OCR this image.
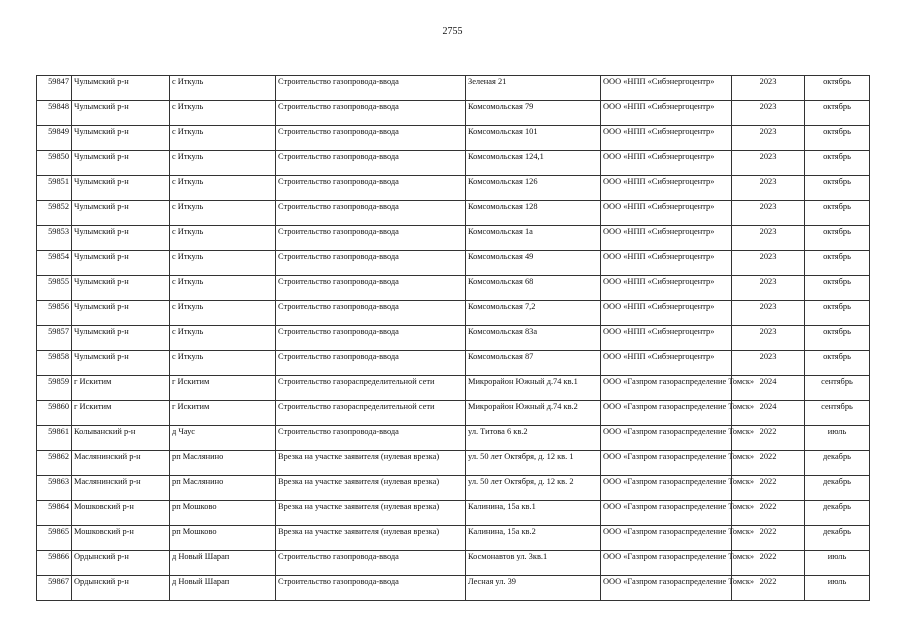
2755
59847	Чулымский р-н	с Иткуль	Строительство газопровода-ввода	Зеленая 21	ООО «НПП «Сибэнергоцентр»	2023	октябрь
59848	Чулымский р-н	с Иткуль	Строительство газопровода-ввода	Комсомольская 79	ООО «НПП «Сибэнергоцентр»	2023	октябрь
59849	Чулымский р-н	с Иткуль	Строительство газопровода-ввода	Комсомольская 101	ООО «НПП «Сибэнергоцентр»	2023	октябрь
59850	Чулымский р-н	с Иткуль	Строительство газопровода-ввода	Комсомольская 124,1	ООО «НПП «Сибэнергоцентр»	2023	октябрь
59851	Чулымский р-н	с Иткуль	Строительство газопровода-ввода	Комсомольская 126	ООО «НПП «Сибэнергоцентр»	2023	октябрь
59852	Чулымский р-н	с Иткуль	Строительство газопровода-ввода	Комсомольская 128	ООО «НПП «Сибэнергоцентр»	2023	октябрь
59853	Чулымский р-н	с Иткуль	Строительство газопровода-ввода	Комсомольская 1а	ООО «НПП «Сибэнергоцентр»	2023	октябрь
59854	Чулымский р-н	с Иткуль	Строительство газопровода-ввода	Комсомольская 49	ООО «НПП «Сибэнергоцентр»	2023	октябрь
59855	Чулымский р-н	с Иткуль	Строительство газопровода-ввода	Комсомольская 68	ООО «НПП «Сибэнергоцентр»	2023	октябрь
59856	Чулымский р-н	с Иткуль	Строительство газопровода-ввода	Комсомольская 7,2	ООО «НПП «Сибэнергоцентр»	2023	октябрь
59857	Чулымский р-н	с Иткуль	Строительство газопровода-ввода	Комсомольская 83а	ООО «НПП «Сибэнергоцентр»	2023	октябрь
59858	Чулымский р-н	с Иткуль	Строительство газопровода-ввода	Комсомольская 87	ООО «НПП «Сибэнергоцентр»	2023	октябрь
59859	г Искитим	г Искитим	Строительство газораспределительной сети	Микрорайон Южный д.74 кв.1	ООО «Газпром газораспределение Томск»	2024	сентябрь
59860	г Искитим	г Искитим	Строительство газораспределительной сети	Микрорайон Южный д.74 кв.2	ООО «Газпром газораспределение Томск»	2024	сентябрь
59861	Колыванский р-н	д Чаус	Строительство газопровода-ввода	ул. Титова 6 кв.2	ООО «Газпром газораспределение Томск»	2022	июль
59862	Маслянинский р-н	рп Маслянино	Врезка на участке заявителя (нулевая врезка)	ул. 50 лет Октября, д. 12 кв. 1	ООО «Газпром газораспределение Томск»	2022	декабрь
59863	Маслянинский р-н	рп Маслянино	Врезка на участке заявителя (нулевая врезка)	ул. 50 лет Октября, д. 12 кв. 2	ООО «Газпром газораспределение Томск»	2022	декабрь
59864	Мошковский р-н	рп Мошково	Врезка на участке заявителя (нулевая врезка)	Калинина, 15а кв.1	ООО «Газпром газораспределение Томск»	2022	декабрь
59865	Мошковский р-н	рп Мошково	Врезка на участке заявителя (нулевая врезка)	Калинина, 15а кв.2	ООО «Газпром газораспределение Томск»	2022	декабрь
59866	Ордынский р-н	д Новый Шарап	Строительство газопровода-ввода	Космонавтов ул. 3кв.1	ООО «Газпром газораспределение Томск»	2022	июль
59867	Ордынский р-н	д Новый Шарап	Строительство газопровода-ввода	Лесная ул. 39	ООО «Газпром газораспределение Томск»	2022	июль
